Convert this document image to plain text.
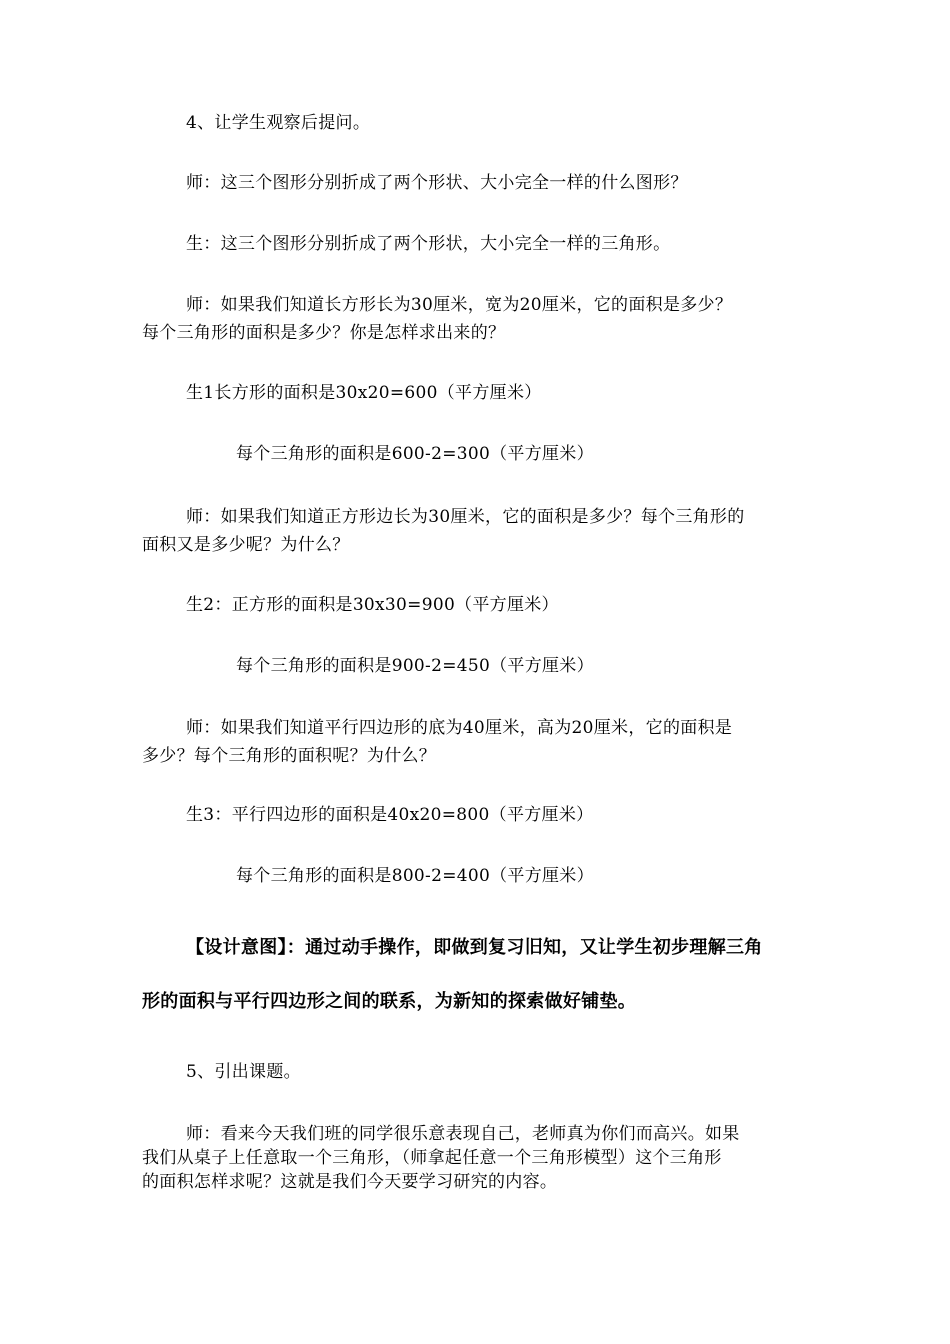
4、让学生观察后提问。
师：这三个图形分别折成了两个形状、大小完全一样的什么图形？
生：这三个图形分别折成了两个形状，大小完全一样的三角形。
师：如果我们知道长方形长为30厘米，宽为20厘米，它的面积是多少？
每个三角形的面积是多少？你是怎样求出来的？
生1长方形的面积是30x20=600（平方厘米）
每个三角形的面积是600-2=300（平方厘米）
师：如果我们知道正方形边长为30厘米，它的面积是多少？每个三角形的
面积又是多少呢？为什么？
生2：正方形的面积是30x30=900（平方厘米）
每个三角形的面积是900-2=450（平方厘米）
师：如果我们知道平行四边形的底为40厘米，高为20厘米，它的面积是
多少？每个三角形的面积呢？为什么？
生3：平行四边形的面积是40x20=800（平方厘米）
每个三角形的面积是800-2=400（平方厘米）
【设计意图】：通过动手操作，即做到复习旧知，又让学生初步理解三角
形的面积与平行四边形之间的联系，为新知的探索做好铺垫。
5、引出课题。
师：看来今天我们班的同学很乐意表现自己，老师真为你们而高兴。如果
我们从桌子上任意取一个三角形，（师拿起任意一个三角形模型）这个三角形
的面积怎样求呢？这就是我们今天要学习研究的内容。
